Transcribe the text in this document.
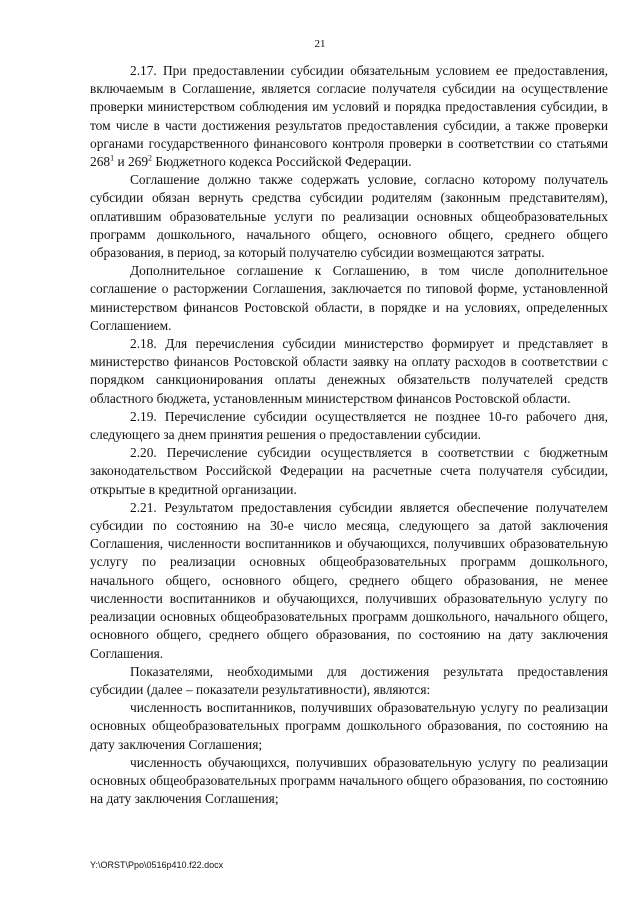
21

2.17. При предоставлении субсидии обязательным условием ее предоставления, включаемым в Соглашение, является согласие получателя субсидии на осуществление проверки министерством соблюдения им условий и порядка предоставления субсидии, в том числе в части достижения результатов предоставления субсидии, а также проверки органами государственного финансового контроля проверки в соответствии со статьями $268^1$ и $269^2$ Бюджетного кодекса Российской Федерации.

Соглашение должно также содержать условие, согласно которому получатель субсидии обязан вернуть средства субсидии родителям (законным представителям), оплатившим образовательные услуги по реализации основных общеобразовательных программ дошкольного, начального общего, основного общего, среднего общего образования, в период, за который получателю субсидии возмещаются затраты.

Дополнительное соглашение к Соглашению, в том числе дополнительное соглашение о расторжении Соглашения, заключается по типовой форме, установленной министерством финансов Ростовской области, в порядке и на условиях, определенных Соглашением.

2.18. Для перечисления субсидии министерство формирует и представляет в министерство финансов Ростовской области заявку на оплату расходов в соответствии с порядком санкционирования оплаты денежных обязательств получателей средств областного бюджета, установленным министерством финансов Ростовской области.

2.19. Перечисление субсидии осуществляется не позднее 10-го рабочего дня, следующего за днем принятия решения о предоставлении субсидии.

2.20. Перечисление субсидии осуществляется в соответствии с бюджетным законодательством Российской Федерации на расчетные счета получателя субсидии, открытые в кредитной организации.

2.21. Результатом предоставления субсидии является обеспечение получателем субсидии по состоянию на 30-е число месяца, следующего за датой заключения Соглашения, численности воспитанников и обучающихся, получивших образовательную услугу по реализации основных общеобразовательных программ дошкольного, начального общего, основного общего, среднего общего образования, не менее численности воспитанников и обучающихся, получивших образовательную услугу по реализации основных общеобразовательных программ дошкольного, начального общего, основного общего, среднего общего образования, по состоянию на дату заключения Соглашения.

Показателями, необходимыми для достижения результата предоставления субсидии (далее – показатели результативности), являются:

численность воспитанников, получивших образовательную услугу по реализации основных общеобразовательных программ дошкольного образования, по состоянию на дату заключения Соглашения;

численность обучающихся, получивших образовательную услугу по реализации основных общеобразовательных программ начального общего образования, по состоянию на дату заключения Соглашения;

Y:\ORST\Ppo\0516p410.f22.docx
